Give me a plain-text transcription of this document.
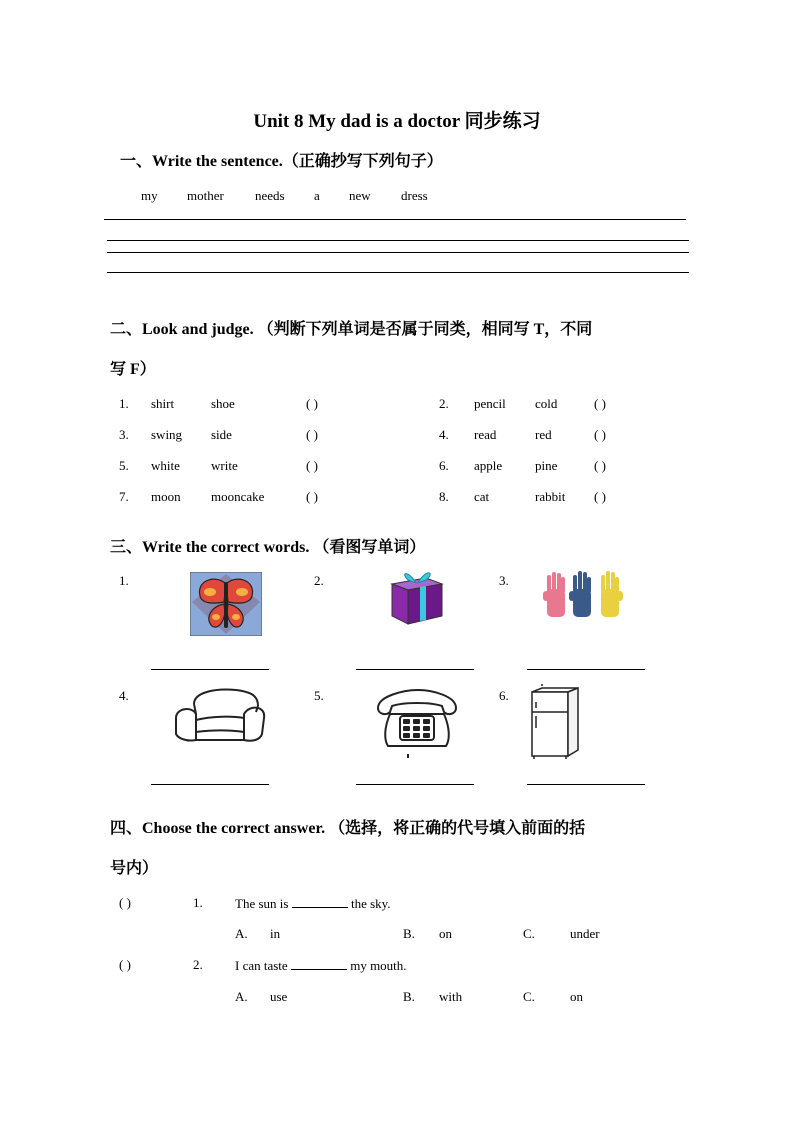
Unit 8 My dad is a doctor 同步练习
一、Write the sentence.（正确抄写下列句子）
my mother needs a new dress
二、Look and judge. （判断下列单词是否属于同类，相同写 T，不同
写 F）
1. shirt	shoe	( )	2. pencil cold	( )
3. swing side	( )	4. read	red	( )
5. white write	( )	6. apple	pine	( )
7. moon mooncake	( )	8. cat	rabbit ( )
三、Write the correct words. （看图写单词）
1.	2.	3.
4.	5.	6.
四、Choose the correct answer. （选择，将正确的代号填入前面的括
号内）
( )	1. The sun is	the sky.
A. in	B. on	C.	under
( )	2. I can taste	my mouth.
A. use	B. with	C.	on
